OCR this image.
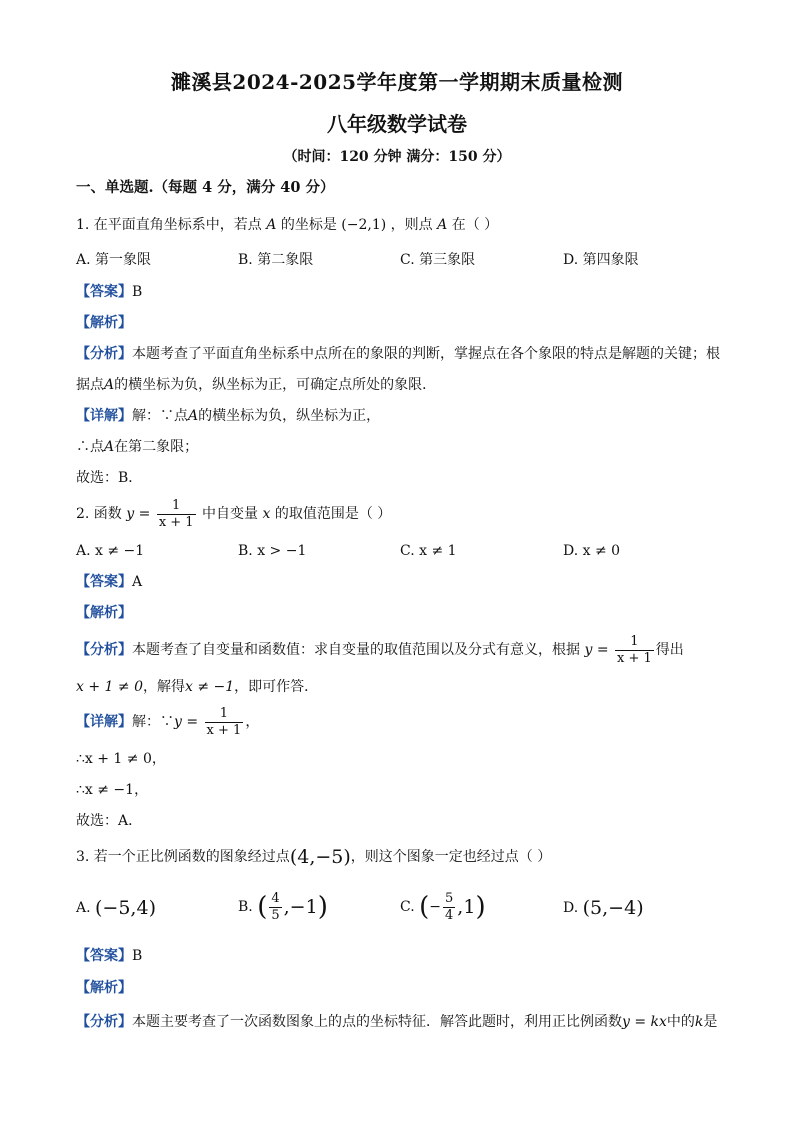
濉溪县2024-2025学年度第一学期期末质量检测
八年级数学试卷
（时间：120 分钟 满分：150 分）
一、单选题.（每题 4 分，满分 40 分）
1. 在平面直角坐标系中，若点 A 的坐标是 (−2,1) ，则点 A 在（ ）
A. 第一象限	B. 第二象限	C. 第三象限	D. 第四象限
【答案】B
【解析】
【分析】本题考查了平面直角坐标系中点所在的象限的判断，掌握点在各个象限的特点是解题的关键；根
据点A的横坐标为负，纵坐标为正，可确定点所处的象限．
【详解】解：∵点A的横坐标为负，纵坐标为正，
∴点A在第二象限；
故选：B．
2. 函数 $y = \frac{1}{x + 1}$ 中自变量 x 的取值范围是（ ）
A. x ≠ −1	B. x > −1	C. x ≠ 1	D. x ≠ 0
【答案】A
【解析】
【分析】本题考查了自变量和函数值：求自变量的取值范围以及分式有意义，根据 $y = \frac{1}{x + 1}$ 得出
x + 1 ≠ 0，解得x ≠ −1，即可作答．
【详解】解：∵y = $\frac{1}{x + 1}$ ，
∴x + 1 ≠ 0，
∴x ≠ −1，
故选：A．
3. 若一个正比例函数的图象经过点(4,−5)，则这个图象一定也经过点（ ）
A. (−5,4)	B. ( $\frac{4}{5} ,-1$)	C. (− $\frac{5}{4} ,1$)	D. (5,−4)
【答案】B
【解析】
【分析】本题主要考查了一次函数图象上的点的坐标特征．解答此题时，利用正比例函数y = kx中的k是
